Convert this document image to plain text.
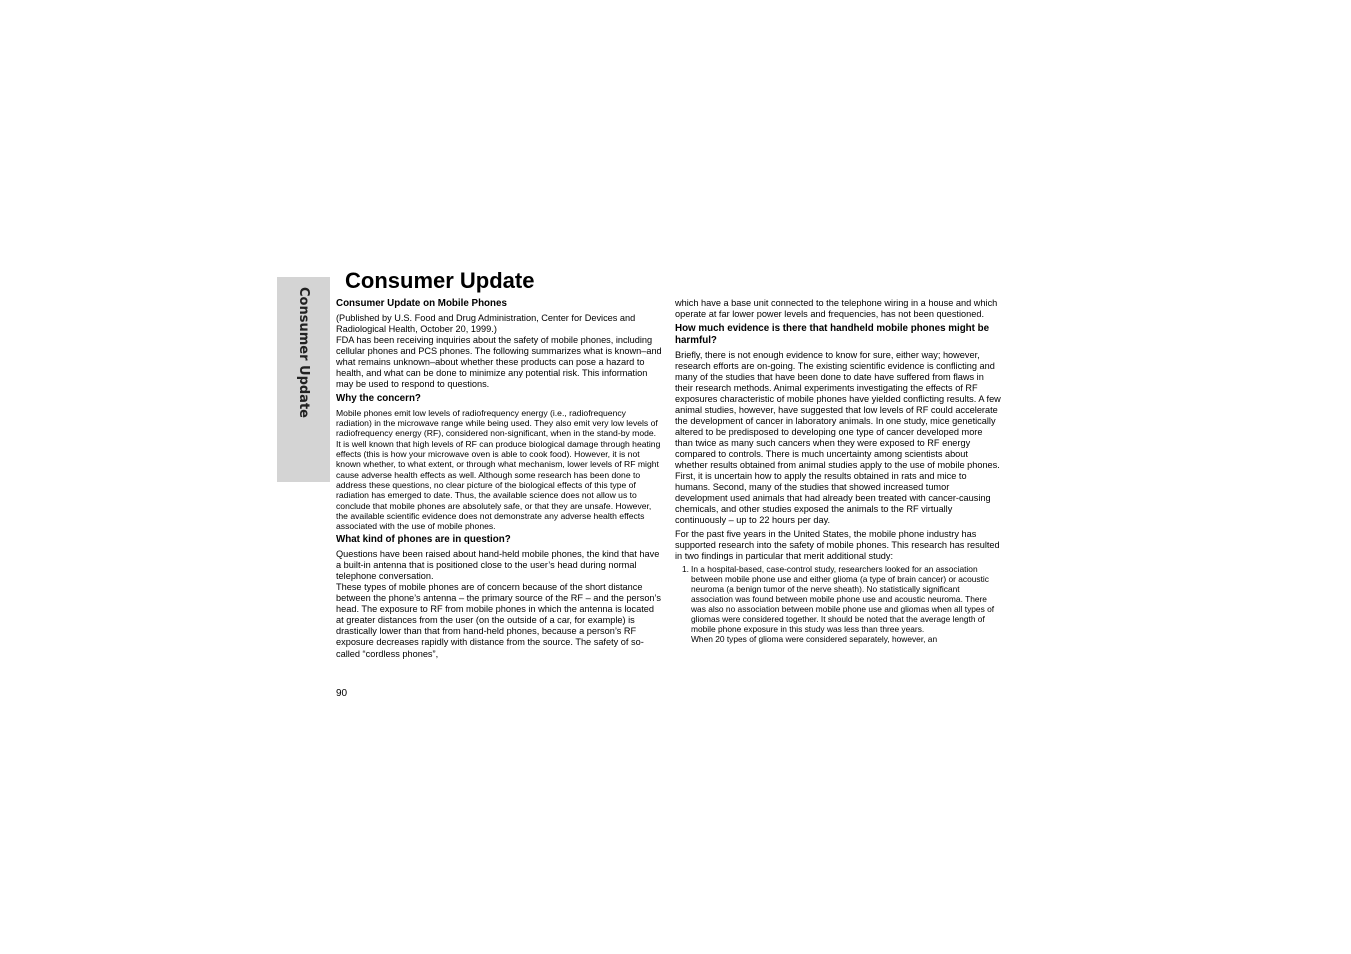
Consumer Update
Consumer Update
Consumer Update on Mobile Phones

(Published by U.S. Food and Drug Administration, Center for Devices and Radiological Health, October 20, 1999.)

FDA has been receiving inquiries about the safety of mobile phones, including cellular phones and PCS phones. The following summarizes what is known–and what remains unknown–about whether these products can pose a hazard to health, and what can be done to minimize any potential risk. This information may be used to respond to questions.

Why the concern?

Mobile phones emit low levels of radiofrequency energy (i.e., radiofrequency radiation) in the microwave range while being used. They also emit very low levels of radiofrequency energy (RF), considered non-significant, when in the stand-by mode. It is well known that high levels of RF can produce biological damage through heating effects (this is how your microwave oven is able to cook food). However, it is not known whether, to what extent, or through what mechanism, lower levels of RF might cause adverse health effects as well. Although some research has been done to address these questions, no clear picture of the biological effects of this type of radiation has emerged to date. Thus, the available science does not allow us to conclude that mobile phones are absolutely safe, or that they are unsafe. However, the available scientific evidence does not demonstrate any adverse health effects associated with the use of mobile phones.

What kind of phones are in question?

Questions have been raised about hand-held mobile phones, the kind that have a built-in antenna that is positioned close to the user’s head during normal telephone conversation.

These types of mobile phones are of concern because of the short distance between the phone’s antenna – the primary source of the RF – and the person’s head. The exposure to RF from mobile phones in which the antenna is located at greater distances from the user (on the outside of a car, for example) is drastically lower than that from hand-held phones, because a person’s RF exposure decreases rapidly with distance from the source. The safety of so-called “cordless phones”,

which have a base unit connected to the telephone wiring in a house and which operate at far lower power levels and frequencies, has not been questioned.

How much evidence is there that handheld mobile phones might be harmful?

Briefly, there is not enough evidence to know for sure, either way; however, research efforts are on-going. The existing scientific evidence is conflicting and many of the studies that have been done to date have suffered from flaws in their research methods. Animal experiments investigating the effects of RF exposures characteristic of mobile phones have yielded conflicting results. A few animal studies, however, have suggested that low levels of RF could accelerate the development of cancer in laboratory animals. In one study, mice genetically altered to be predisposed to developing one type of cancer developed more than twice as many such cancers when they were exposed to RF energy compared to controls. There is much uncertainty among scientists about whether results obtained from animal studies apply to the use of mobile phones. First, it is uncertain how to apply the results obtained in rats and mice to humans. Second, many of the studies that showed increased tumor development used animals that had already been treated with cancer-causing chemicals, and other studies exposed the animals to the RF virtually continuously – up to 22 hours per day.

For the past five years in the United States, the mobile phone industry has supported research into the safety of mobile phones. This research has resulted in two findings in particular that merit additional study:

1. In a hospital-based, case-control study, researchers looked for an association between mobile phone use and either glioma (a type of brain cancer) or acoustic neuroma (a benign tumor of the nerve sheath). No statistically significant association was found between mobile phone use and acoustic neuroma. There was also no association between mobile phone use and gliomas when all types of gliomas were considered together. It should be noted that the average length of mobile phone exposure in this study was less than three years.
When 20 types of glioma were considered separately, however, an
90
